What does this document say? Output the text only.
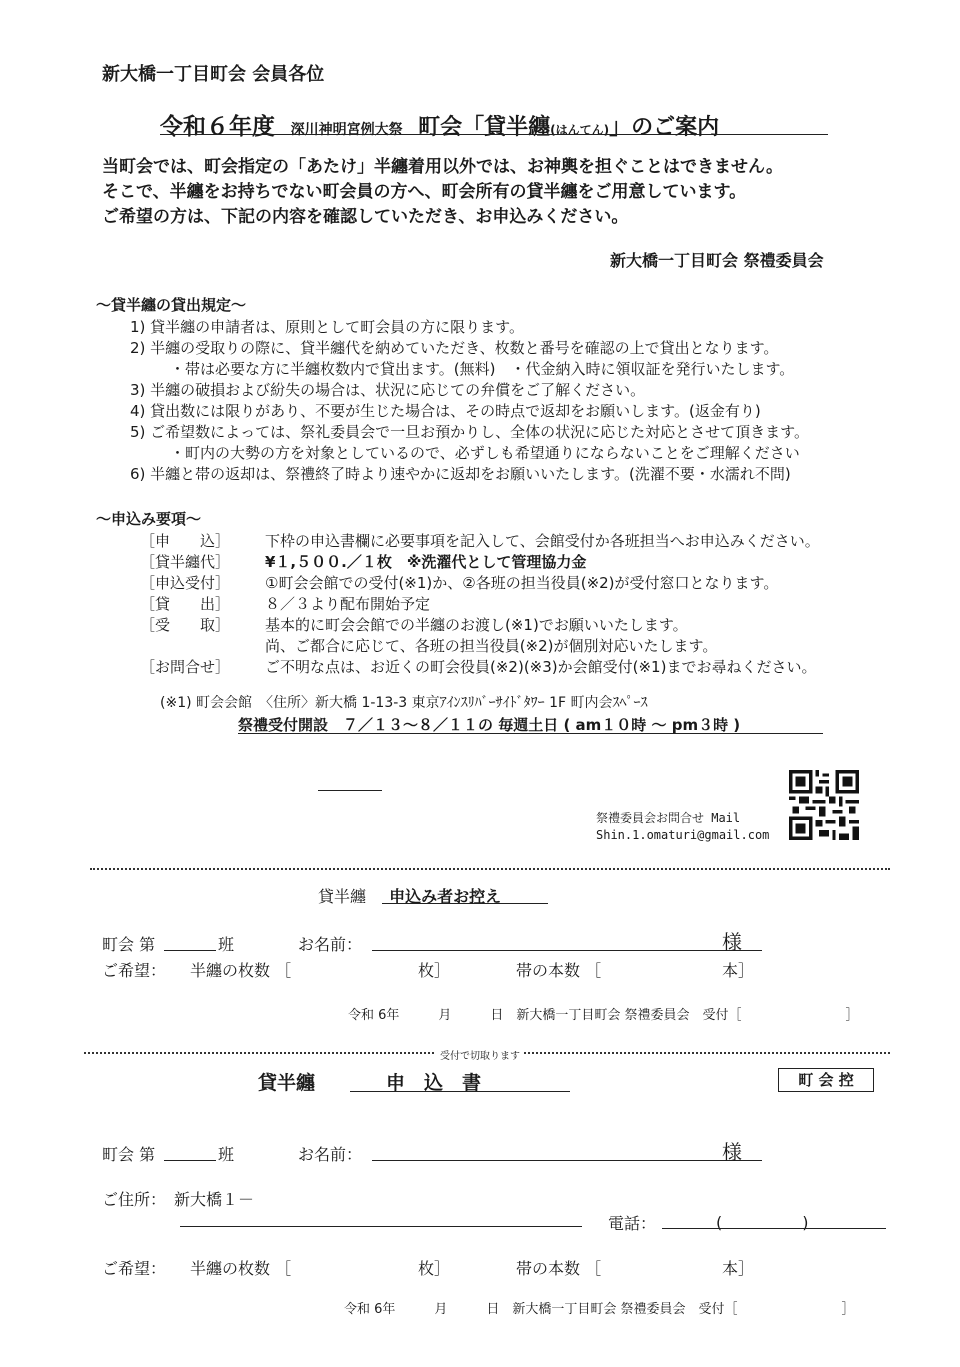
新大橋一丁目町会 会員各位
令和６年度 深川神明宮例大祭 町会「貸半纏(はんてん)」のご案内
当町会では、町会指定の「あたけ」半纏着用以外では、お神輿を担ぐことはできません。
そこで、半纏をお持ちでない町会員の方へ、町会所有の貸半纏をご用意しています。
ご希望の方は、下記の内容を確認していただき、お申込みください。
新大橋一丁目町会 祭禮委員会
～貸半纏の貸出規定～
1) 貸半纏の申請者は、原則として町会員の方に限ります。
2) 半纏の受取りの際に、貸半纏代を納めていただき、枚数と番号を確認の上で貸出となります。
・帯は必要な方に半纏枚数内で貸出ます。(無料)　・代金納入時に領収証を発行いたします。
3) 半纏の破損および紛失の場合は、状況に応じての弁償をご了解ください。
4) 貸出数には限りがあり、不要が生じた場合は、その時点で返却をお願いします。(返金有り)
5) ご希望数によっては、祭礼委員会で一旦お預かりし、全体の状況に応じた対応とさせて頂きます。
・町内の大勢の方を対象としているので、必ずしも希望通りにならないことをご理解ください
6) 半纏と帯の返却は、祭禮終了時より速やかに返却をお願いいたします。(洗濯不要・水濡れ不問)
～申込み要項～
［申　　込］ 下枠の申込書欄に必要事項を記入して、会館受付か各班担当へお申込みください。
［貸半纏代］ ¥１,５００.／１枚　※洗濯代として管理協力金
［申込受付］ ①町会会館での受付(※1)か、②各班の担当役員(※2)が受付窓口となります。
［貸　　出］ ８／３より配布開始予定
［受　　取］ 基本的に町会会館での半纏のお渡し(※1)でお願いいたします。
尚、ご都合に応じて、各班の担当役員(※2)が個別対応いたします。
［お問合せ］ ご不明な点は、お近くの町会役員(※2)(※3)か会館受付(※1)までお尋ねください。
(※1) 町会会館　〈住所〉新大橋 1-13-3 東京ｱｲﾝｽﾘﾊﾞｰｻｲﾄﾞﾀﾜｰ 1F 町内会ｽﾍﾟｰｽ
祭禮受付開設　７／１３～８／１１の 毎週土日 ( am１０時 ～ pm３時 )
祭禮委員会お問合せ Mail
Shin.1.omaturi@gmail.com
貸半纏 申込み者お控え
町会 第	班	お名前：	様
ご希望： 半纏の枚数 ［	枚］	帯の本数 ［	本］
令和 6年　　　月　　　日　新大橋一丁目町会 祭禮委員会　受付［　　　　　　　　］
受付で切取ります
貸半纏	申　込　書	町 会 控
町会 第	班	お名前：	様
ご住所：　新大橋１－
電話：	(　　　　　)
ご希望： 半纏の枚数 ［	枚］	帯の本数 ［	本］
令和 6年　　　月　　　日　新大橋一丁目町会 祭禮委員会　受付［　　　　　　　　］
